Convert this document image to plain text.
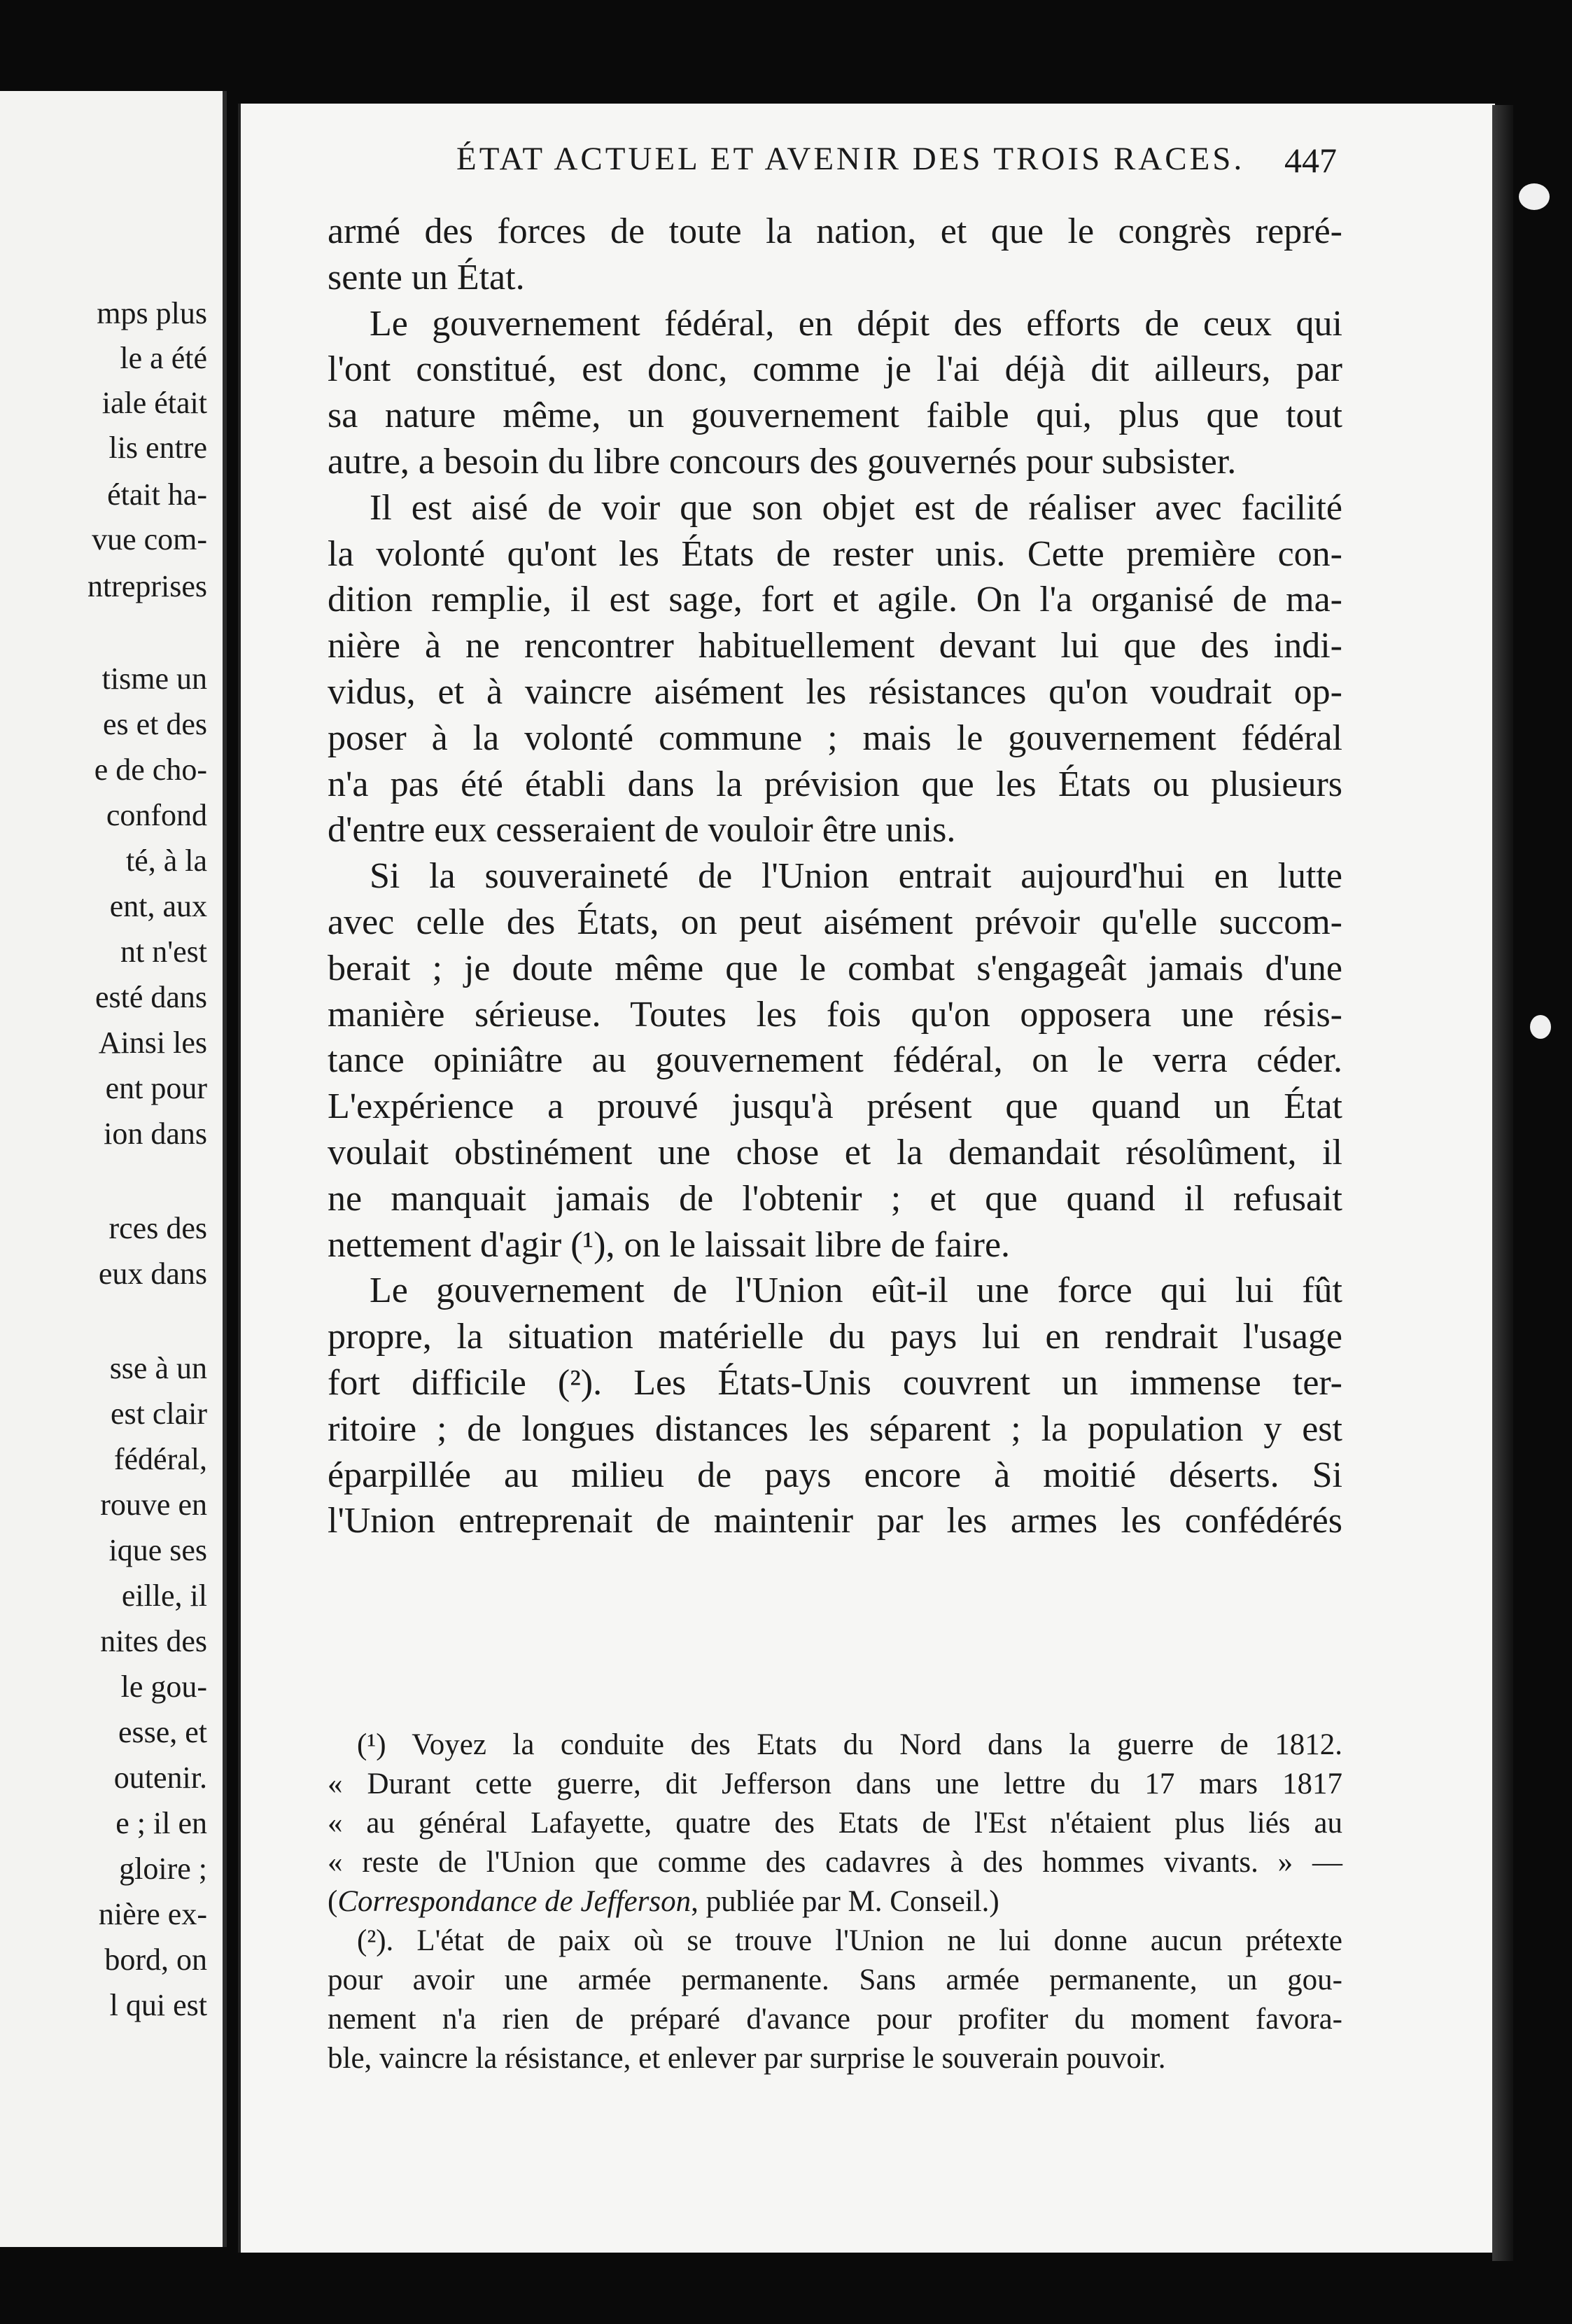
mps plus
le a été
iale était
lis entre
était ha-
vue com-
ntreprises
tisme un
es et des
e de cho-
confond
té, à la
ent, aux
nt n'est
esté dans
Ainsi les
ent pour
ion dans
rces des
eux dans
sse à un
est clair
fédéral,
rouve en
ique ses
eille, il
nites des
le gou-
esse, et
outenir.
e ; il en
gloire ;
nière ex-
bord, on
l qui est
ÉTAT ACTUEL ET AVENIR DES TROIS RACES. 447
armé des forces de toute la nation, et que le congrès repré-
sente un État.
Le gouvernement fédéral, en dépit des efforts de ceux qui
l'ont constitué, est donc, comme je l'ai déjà dit ailleurs, par
sa nature même, un gouvernement faible qui, plus que tout
autre, a besoin du libre concours des gouvernés pour subsister.
Il est aisé de voir que son objet est de réaliser avec facilité
la volonté qu'ont les États de rester unis. Cette première con-
dition remplie, il est sage, fort et agile. On l'a organisé de ma-
nière à ne rencontrer habituellement devant lui que des indi-
vidus, et à vaincre aisément les résistances qu'on voudrait op-
poser à la volonté commune ; mais le gouvernement fédéral
n'a pas été établi dans la prévision que les États ou plusieurs
d'entre eux cesseraient de vouloir être unis.
Si la souveraineté de l'Union entrait aujourd'hui en lutte
avec celle des États, on peut aisément prévoir qu'elle succom-
berait ; je doute même que le combat s'engageât jamais d'une
manière sérieuse. Toutes les fois qu'on opposera une résis-
tance opiniâtre au gouvernement fédéral, on le verra céder.
L'expérience a prouvé jusqu'à présent que quand un État
voulait obstinément une chose et la demandait résolûment, il
ne manquait jamais de l'obtenir ; et que quand il refusait
nettement d'agir (¹), on le laissait libre de faire.
Le gouvernement de l'Union eût-il une force qui lui fût
propre, la situation matérielle du pays lui en rendrait l'usage
fort difficile (²). Les États-Unis couvrent un immense ter-
ritoire ; de longues distances les séparent ; la population y est
éparpillée au milieu de pays encore à moitié déserts. Si
l'Union entreprenait de maintenir par les armes les confédérés
(¹) Voyez la conduite des Etats du Nord dans la guerre de 1812.
« Durant cette guerre, dit Jefferson dans une lettre du 17 mars 1817
« au général Lafayette, quatre des Etats de l'Est n'étaient plus liés au
« reste de l'Union que comme des cadavres à des hommes vivants. » —
(Correspondance de Jefferson, publiée par M. Conseil.)
(²). L'état de paix où se trouve l'Union ne lui donne aucun prétexte
pour avoir une armée permanente. Sans armée permanente, un gou-
nement n'a rien de préparé d'avance pour profiter du moment favora-
ble, vaincre la résistance, et enlever par surprise le souverain pouvoir.
